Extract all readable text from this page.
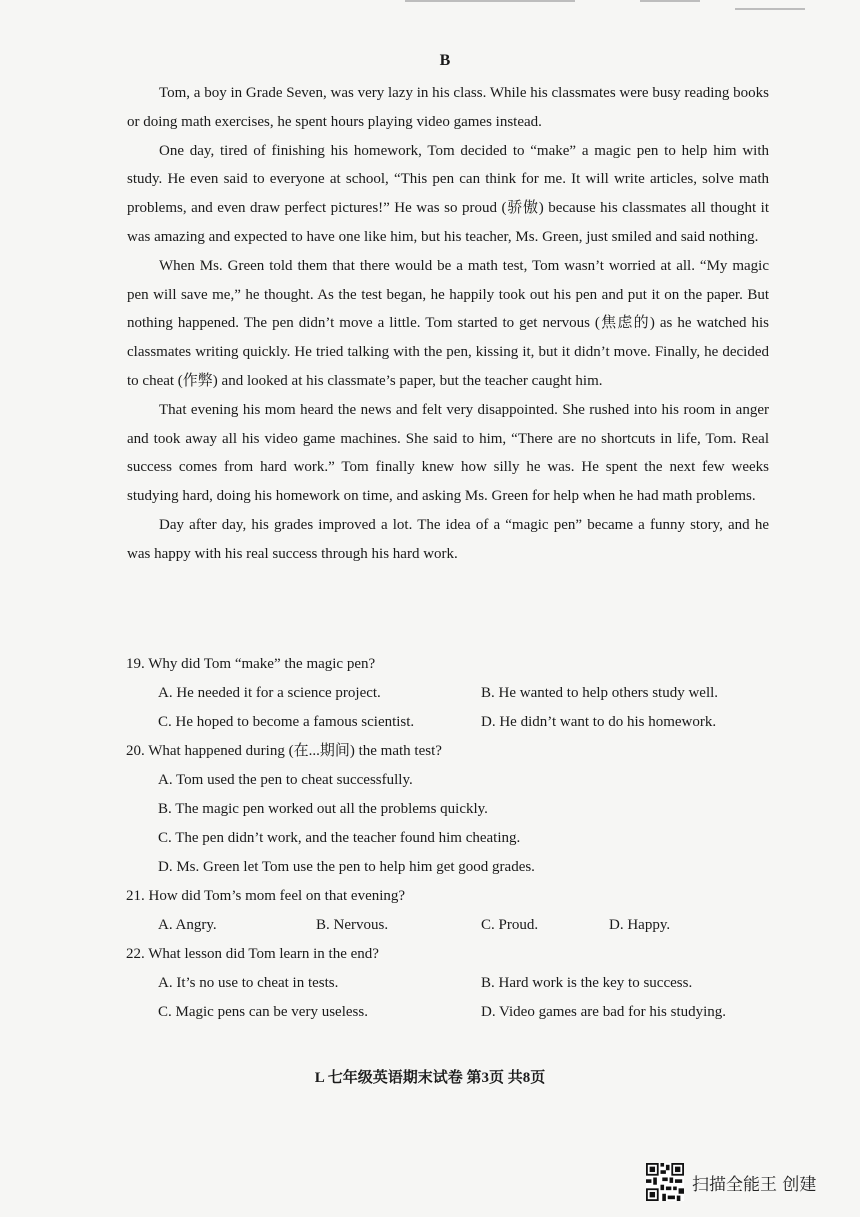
B

Tom, a boy in Grade Seven, was very lazy in his class. While his classmates were busy reading books or doing math exercises, he spent hours playing video games instead.

One day, tired of finishing his homework, Tom decided to “make” a magic pen to help him with study. He even said to everyone at school, “This pen can think for me. It will write articles, solve math problems, and even draw perfect pictures!” He was so proud (骄傲) because his classmates all thought it was amazing and expected to have one like him, but his teacher, Ms. Green, just smiled and said nothing.

When Ms. Green told them that there would be a math test, Tom wasn’t worried at all. “My magic pen will save me,” he thought. As the test began, he happily took out his pen and put it on the paper. But nothing happened. The pen didn’t move a little. Tom started to get nervous (焦虑的) as he watched his classmates writing quickly. He tried talking with the pen, kissing it, but it didn’t move. Finally, he decided to cheat (作弊) and looked at his classmate’s paper, but the teacher caught him.

That evening his mom heard the news and felt very disappointed. She rushed into his room in anger and took away all his video game machines. She said to him, “There are no shortcuts in life, Tom. Real success comes from hard work.” Tom finally knew how silly he was. He spent the next few weeks studying hard, doing his homework on time, and asking Ms. Green for help when he had math problems.

Day after day, his grades improved a lot. The idea of a “magic pen” became a funny story, and he was happy with his real success through his hard work.

19. Why did Tom “make” the magic pen?
A. He needed it for a science project.	B. He wanted to help others study well.
C. He hoped to become a famous scientist.	D. He didn’t want to do his homework.
20. What happened during (在...期间) the math test?
A. Tom used the pen to cheat successfully.
B. The magic pen worked out all the problems quickly.
C. The pen didn’t work, and the teacher found him cheating.
D. Ms. Green let Tom use the pen to help him get good grades.
21. How did Tom’s mom feel on that evening?
A. Angry.	B. Nervous.	C. Proud.	D. Happy.
22. What lesson did Tom learn in the end?
A. It’s no use to cheat in tests.	B. Hard work is the key to success.
C. Magic pens can be very useless.	D. Video games are bad for his studying.
L 七年级英语期末试卷 第3页 共8页
扫描全能王 创建
